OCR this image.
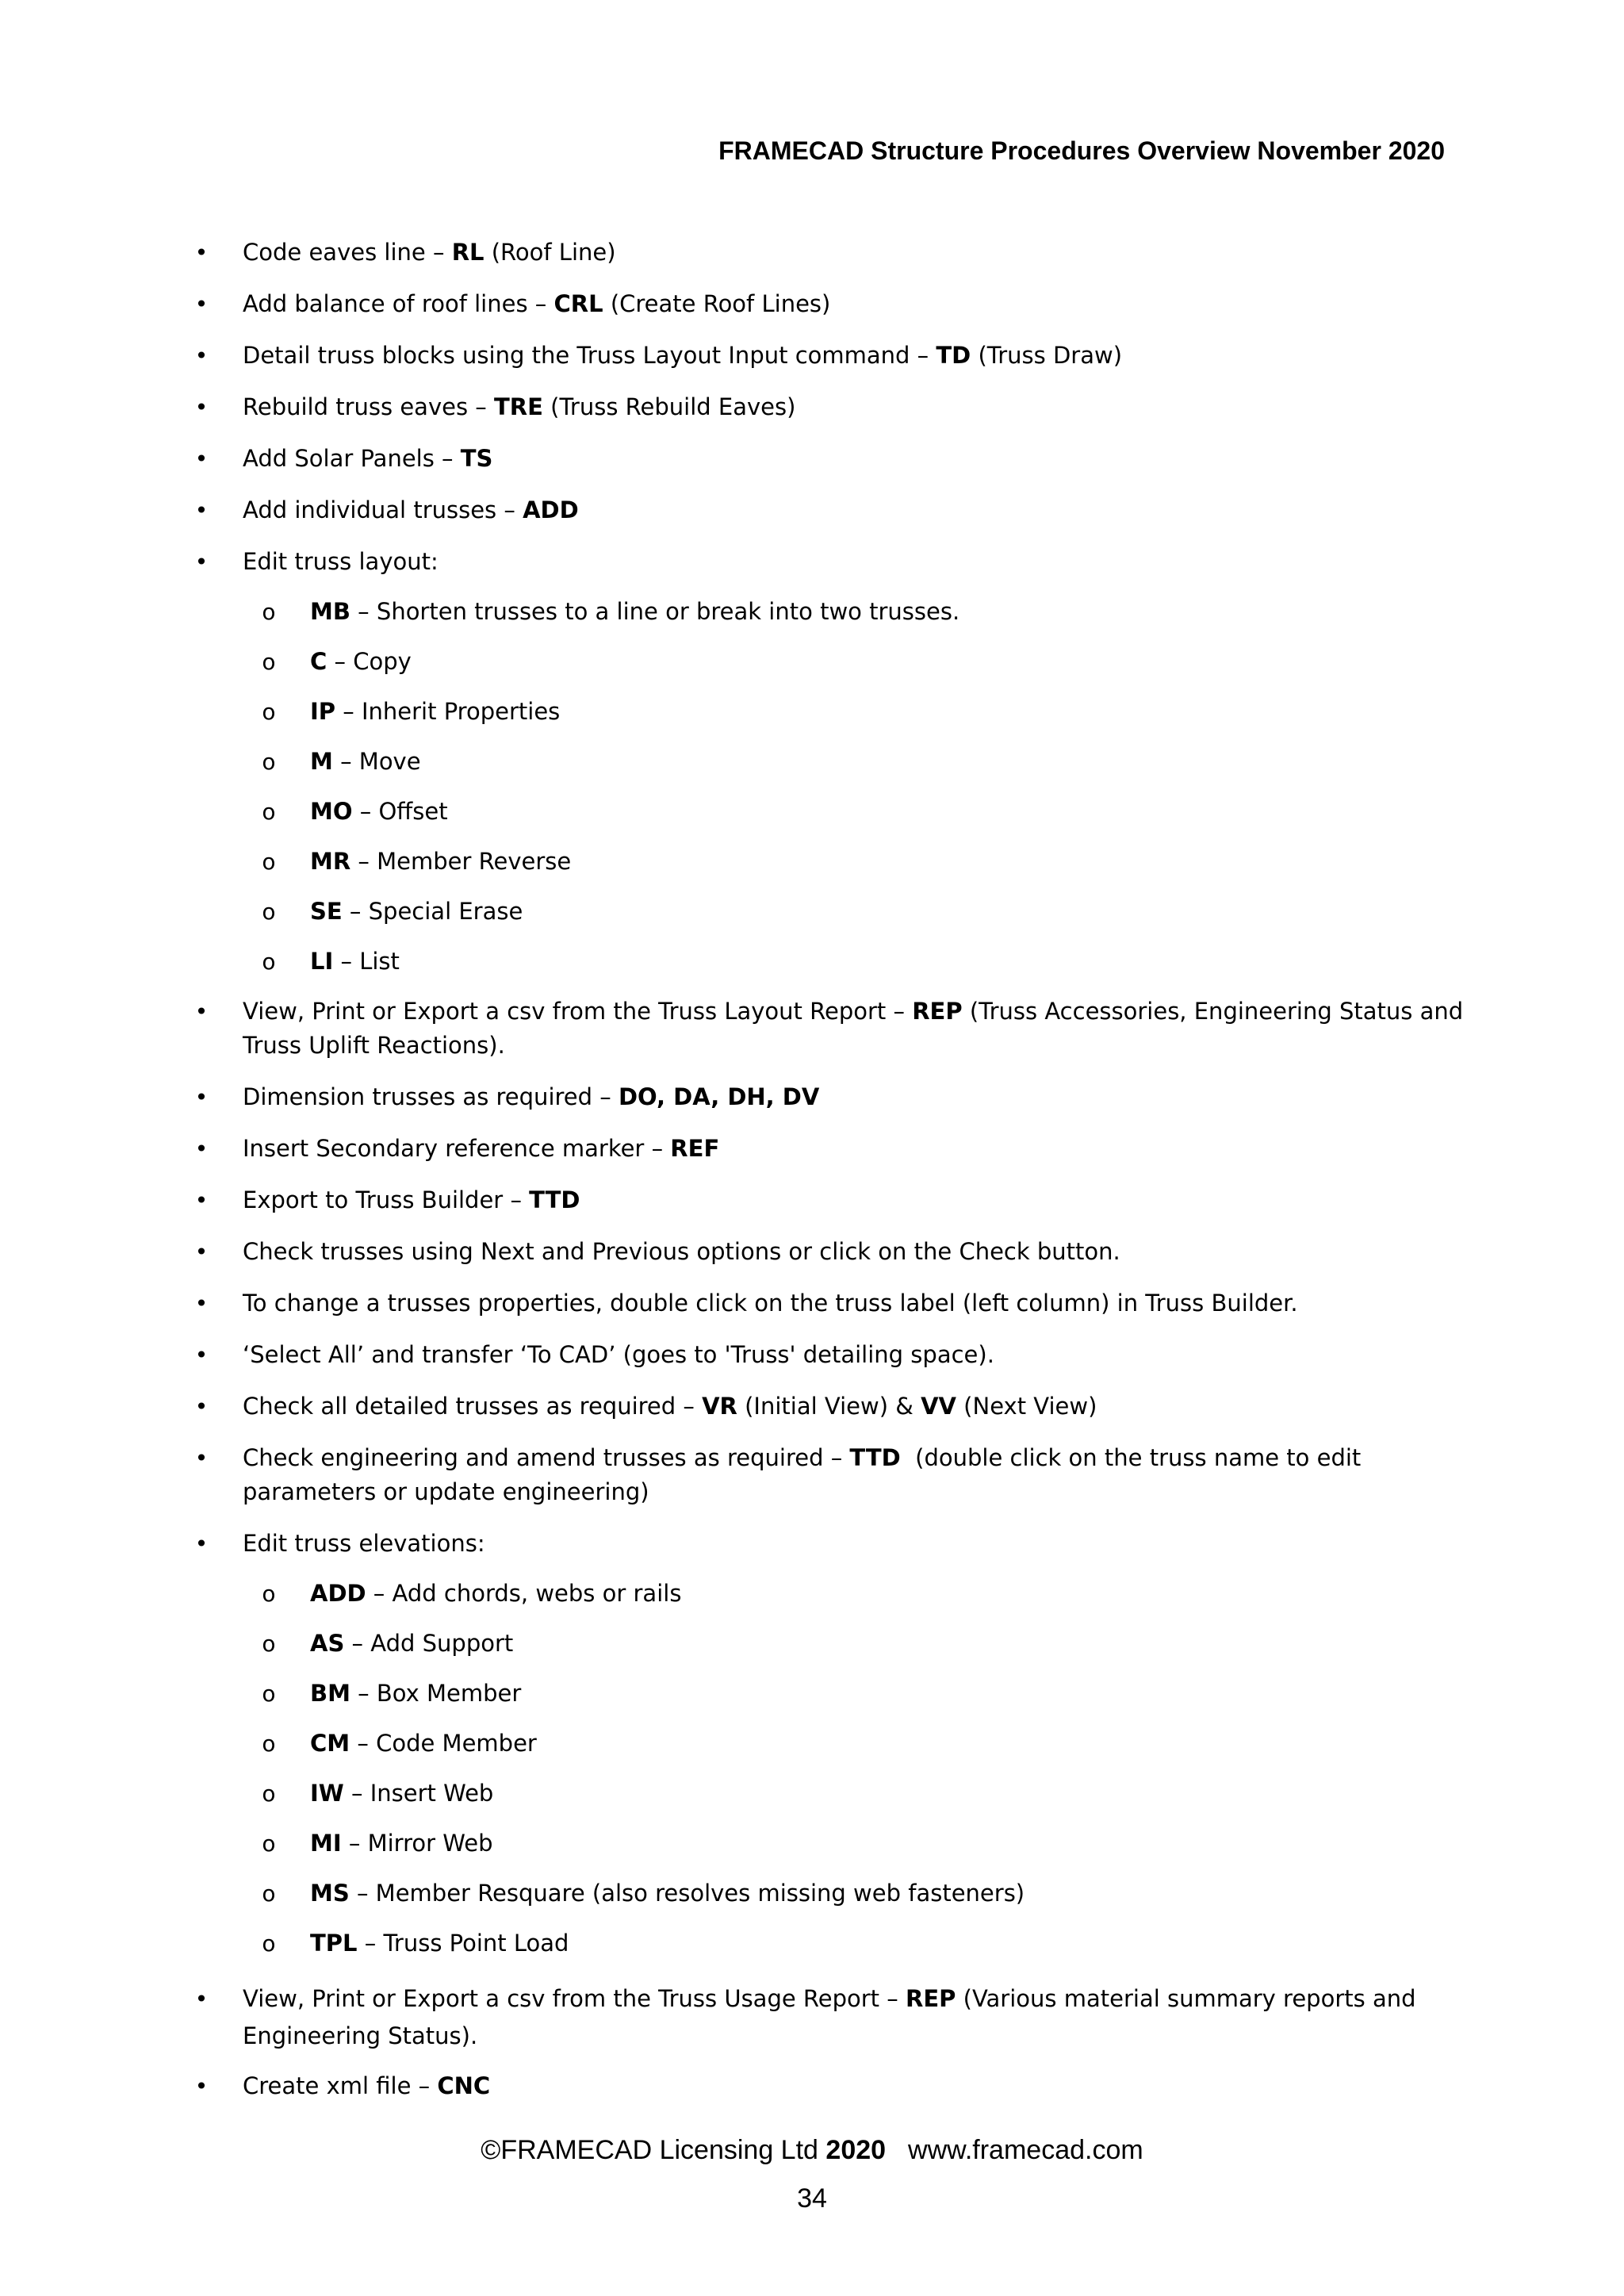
FRAMECAD Structure Procedures Overview November 2020
• Code eaves line – RL (Roof Line)
• Add balance of roof lines – CRL (Create Roof Lines)
• Detail truss blocks using the Truss Layout Input command – TD (Truss Draw)
• Rebuild truss eaves – TRE (Truss Rebuild Eaves)
• Add Solar Panels – TS
• Add individual trusses – ADD
• Edit truss layout:
o MB – Shorten trusses to a line or break into two trusses.
o C – Copy
o IP – Inherit Properties
o M – Move
o MO – Offset
o MR – Member Reverse
o SE – Special Erase
o LI – List
• View, Print or Export a csv from the Truss Layout Report – REP (Truss Accessories, Engineering Status and Truss Uplift Reactions).
• Dimension trusses as required – DO, DA, DH, DV
• Insert Secondary reference marker – REF
• Export to Truss Builder – TTD
• Check trusses using Next and Previous options or click on the Check button.
• To change a trusses properties, double click on the truss label (left column) in Truss Builder.
• ‘Select All’ and transfer ‘To CAD’ (goes to 'Truss' detailing space).
• Check all detailed trusses as required – VR (Initial View) & VV (Next View)
• Check engineering and amend trusses as required – TTD  (double click on the truss name to edit parameters or update engineering)
• Edit truss elevations:
o ADD – Add chords, webs or rails
o AS – Add Support
o BM – Box Member
o CM – Code Member
o IW – Insert Web
o MI – Mirror Web
o MS – Member Resquare (also resolves missing web fasteners)
o TPL – Truss Point Load
• View, Print or Export a csv from the Truss Usage Report – REP (Various material summary reports and Engineering Status).
• Create xml file – CNC
©FRAMECAD Licensing Ltd 2020 www.framecad.com
34
